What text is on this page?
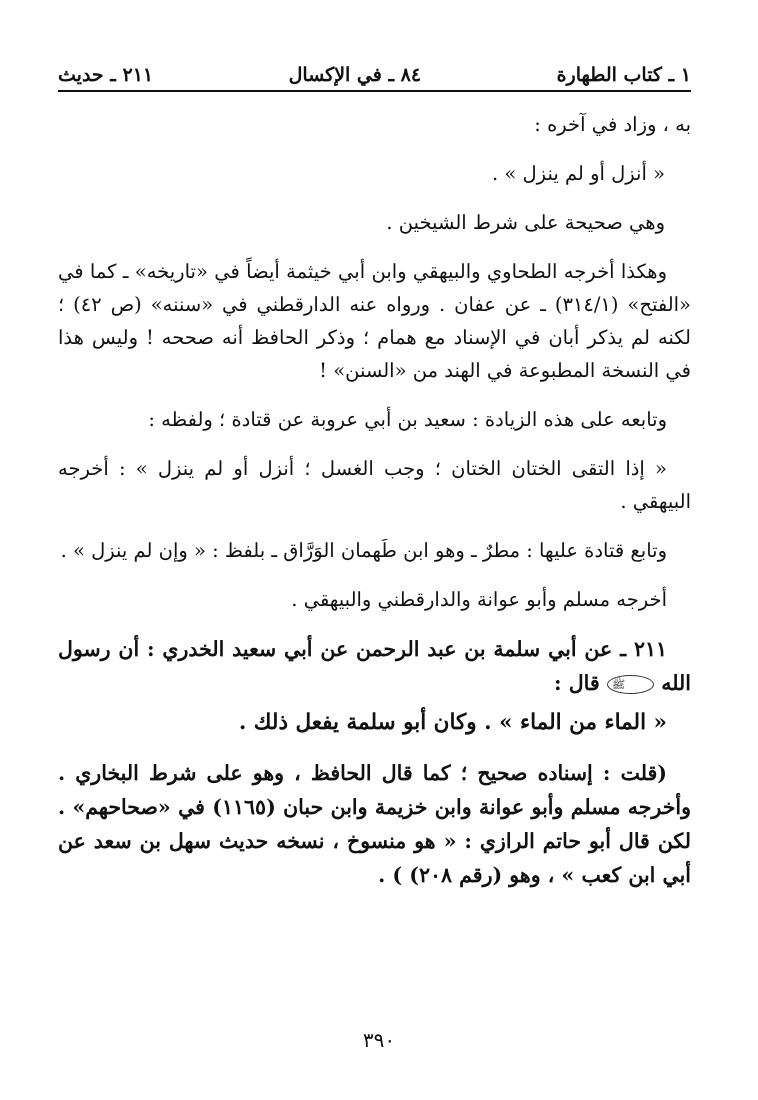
١ ـ كتاب الطهارة
٨٤ ـ في الإكسال
٢١١ ـ حديث

به ، وزاد في آخره :

« أنزل أو لم ينزل » .

وهي صحيحة على شرط الشيخين .

وهكذا أخرجه الطحاوي والبيهقي وابن أبي خيثمة أيضاً في «تاريخه» ـ كما في «الفتح» (٣١٤/١) ـ عن عفان . ورواه عنه الدارقطني في «سننه» (ص ٤٢) ؛ لكنه لم يذكر أبان في الإسناد مع همام ؛ وذكر الحافظ أنه صححه ! وليس هذا في النسخة المطبوعة في الهند من «السنن» !

وتابعه على هذه الزيادة : سعيد بن أبي عروبة عن قتادة ؛ ولفظه :

« إذا التقى الختان الختان ؛ وجب الغسل ؛ أنزل أو لم ينزل » : أخرجه البيهقي .

وتابع قتادة عليها : مطرٌ ـ وهو ابن طَهمان الوَرَّاق ـ بلفظ : « وإن لم ينزل » .

أخرجه مسلم وأبو عوانة والدارقطني والبيهقي .

٢١١ ـ عن أبي سلمة بن عبد الرحمن عن أبي سعيد الخدري : أن رسول الله ﷺ قال :

« الماء من الماء » . وكان أبو سلمة يفعل ذلك .

(قلت : إسناده صحيح ؛ كما قال الحافظ ، وهو على شرط البخاري . وأخرجه مسلم وأبو عوانة وابن خزيمة وابن حبان (١١٦٥) في «صحاحهم» . لكن قال أبو حاتم الرازي : « هو منسوخ ، نسخه حديث سهل بن سعد عن أبي ابن كعب » ، وهو (رقم ٢٠٨) ) .

٣٩٠
